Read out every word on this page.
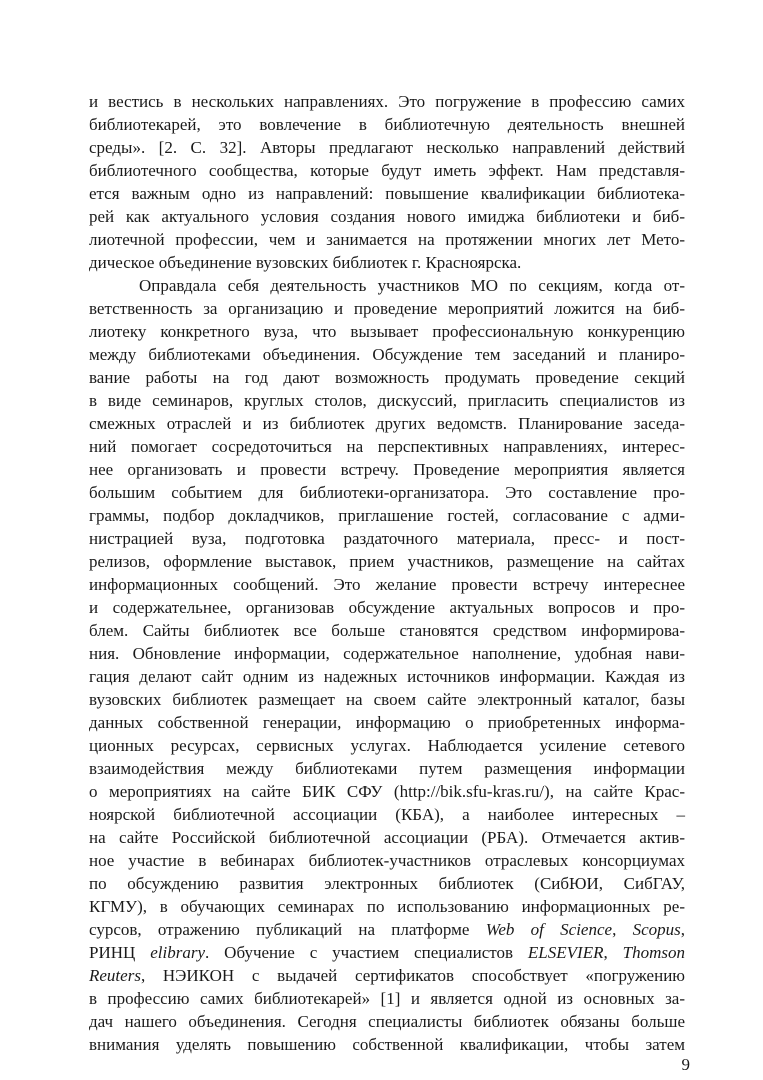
и вестись в нескольких направлениях. Это погружение в профессию самих
библиотекарей, это вовлечение в библиотечную деятельность внешней
среды». [2. С. 32]. Авторы предлагают несколько направлений действий
библиотечного сообщества, которые будут иметь эффект. Нам представля-
ется важным одно из направлений: повышение квалификации библиотека-
рей как актуального условия создания нового имиджа библиотеки и биб-
лиотечной профессии, чем и занимается на протяжении многих лет Мето-
дическое объединение вузовских библиотек г. Красноярска.
Оправдала себя деятельность участников МО по секциям, когда от-
ветственность за организацию и проведение мероприятий ложится на биб-
лиотеку конкретного вуза, что вызывает профессиональную конкуренцию
между библиотеками объединения. Обсуждение тем заседаний и планиро-
вание работы на год дают возможность продумать проведение секций
в виде семинаров, круглых столов, дискуссий, пригласить специалистов из
смежных отраслей и из библиотек других ведомств. Планирование заседа-
ний помогает сосредоточиться на перспективных направлениях, интерес-
нее организовать и провести встречу. Проведение мероприятия является
большим событием для библиотеки-организатора. Это составление про-
граммы, подбор докладчиков, приглашение гостей, согласование с адми-
нистрацией вуза, подготовка раздаточного материала, пресс- и пост-
релизов, оформление выставок, прием участников, размещение на сайтах
информационных сообщений. Это желание провести встречу интереснее
и содержательнее, организовав обсуждение актуальных вопросов и про-
блем. Сайты библиотек все больше становятся средством информирова-
ния. Обновление информации, содержательное наполнение, удобная нави-
гация делают сайт одним из надежных источников информации. Каждая из
вузовских библиотек размещает на своем сайте электронный каталог, базы
данных собственной генерации, информацию о приобретенных информа-
ционных ресурсах, сервисных услугах. Наблюдается усиление сетевого
взаимодействия между библиотеками путем размещения информации
о мероприятиях на сайте БИК СФУ (http://bik.sfu-kras.ru/), на сайте Крас-
ноярской библиотечной ассоциации (КБА), а наиболее интересных –
на сайте Российской библиотечной ассоциации (РБА). Отмечается актив-
ное участие в вебинарах библиотек-участников отраслевых консорциумах
по обсуждению развития электронных библиотек (СибЮИ, СибГАУ,
КГМУ), в обучающих семинарах по использованию информационных ре-
сурсов, отражению публикаций на платформе Web of Science, Scopus,
РИНЦ elibrary. Обучение с участием специалистов ELSEVIER, Thomson
Reuters, НЭИКОН с выдачей сертификатов способствует «погружению
в профессию самих библиотекарей» [1] и является одной из основных за-
дач нашего объединения. Сегодня специалисты библиотек обязаны больше
внимания уделять повышению собственной квалификации, чтобы затем
9
